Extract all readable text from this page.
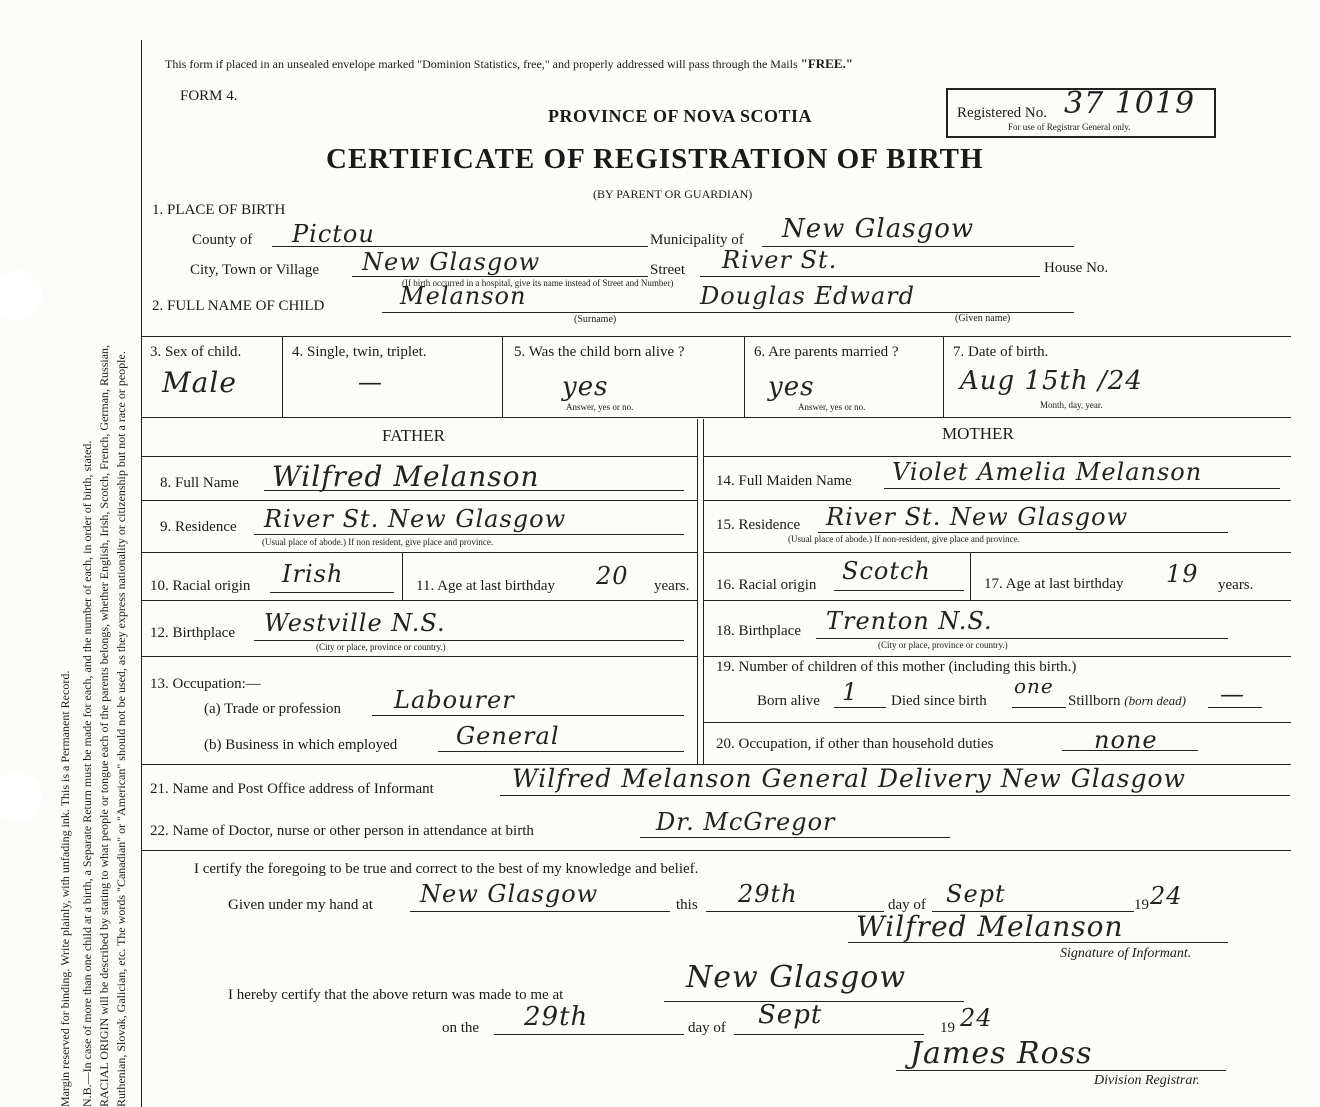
Margin reserved for binding. Write plainly, with unfading ink. This is a Permanent Record. N.B.—In case of more than one child at a birth, a Separate Return must be made for each, and the number of each, in order of birth, stated. RACIAL ORIGIN will be described by stating to what people or tongue each of the parents belongs, whether English, Irish, Scotch, French, German, Russian, Ruthenian, Slovak, Galician, etc. The words "Canadian" or "American" should not be used, as they express nationality or citizenship but not a race or people.
This form if placed in an unsealed envelope marked "Dominion Statistics, free," and properly addressed will pass through the Mails "FREE."
FORM 4.
PROVINCE OF NOVA SCOTIA
CERTIFICATE OF REGISTRATION OF BIRTH
(BY PARENT OR GUARDIAN)
Registered No. 37 1019
For use of Registrar General only.
1. PLACE OF BIRTH
County of Pictou	Municipality of New Glasgow
City, Town or Village New Glasgow	Street River St.	House No.
(If birth occurred in a hospital, give its name instead of Street and Number)
2. FULL NAME OF CHILD	Melanson	Douglas Edward
(Surname)	(Given name)
3. Sex of child.
Male
4. Single, twin, triplet.
—
5. Was the child born alive ?
yes
Answer, yes or no.
6. Are parents married ?
yes
Answer, yes or no.
7. Date of birth.
Aug 15th /24
Month, day, year.
FATHER	MOTHER
8. Full Name Wilfred Melanson
9. Residence River St. New Glasgow
(Usual place of abode.) If non resident, give place and province.
10. Racial origin Irish	11. Age at last birthday 20 years.
12. Birthplace Westville N.S.
(City or place, province or country.)
13. Occupation:—
(a) Trade or profession Labourer
(b) Business in which employed General
14. Full Maiden Name Violet Amelia Melanson
15. Residence River St. New Glasgow
(Usual place of abode.) If non-resident, give place and province.
16. Racial origin Scotch	17. Age at last birthday 19 years.
18. Birthplace Trenton N.S.
(City or place, province or country.)
19. Number of children of this mother (including this birth.)
Born alive 1 Died since birth
one
Stillborn (born dead) —
20. Occupation, if other than household duties	none
21. Name and Post Office address of Informant	Wilfred Melanson General Delivery New Glasgow
22. Name of Doctor, nurse or other person in attendance at birth	Dr. McGregor
I certify the foregoing to be true and correct to the best of my knowledge and belief.
Given under my hand at New Glasgow	this 29th	day of Sept	19 24
Wilfred Melanson
Signature of Informant.
I hereby certify that the above return was made to me at	New Glasgow
on the 29th	day of Sept	19 24
James Ross
Division Registrar.
